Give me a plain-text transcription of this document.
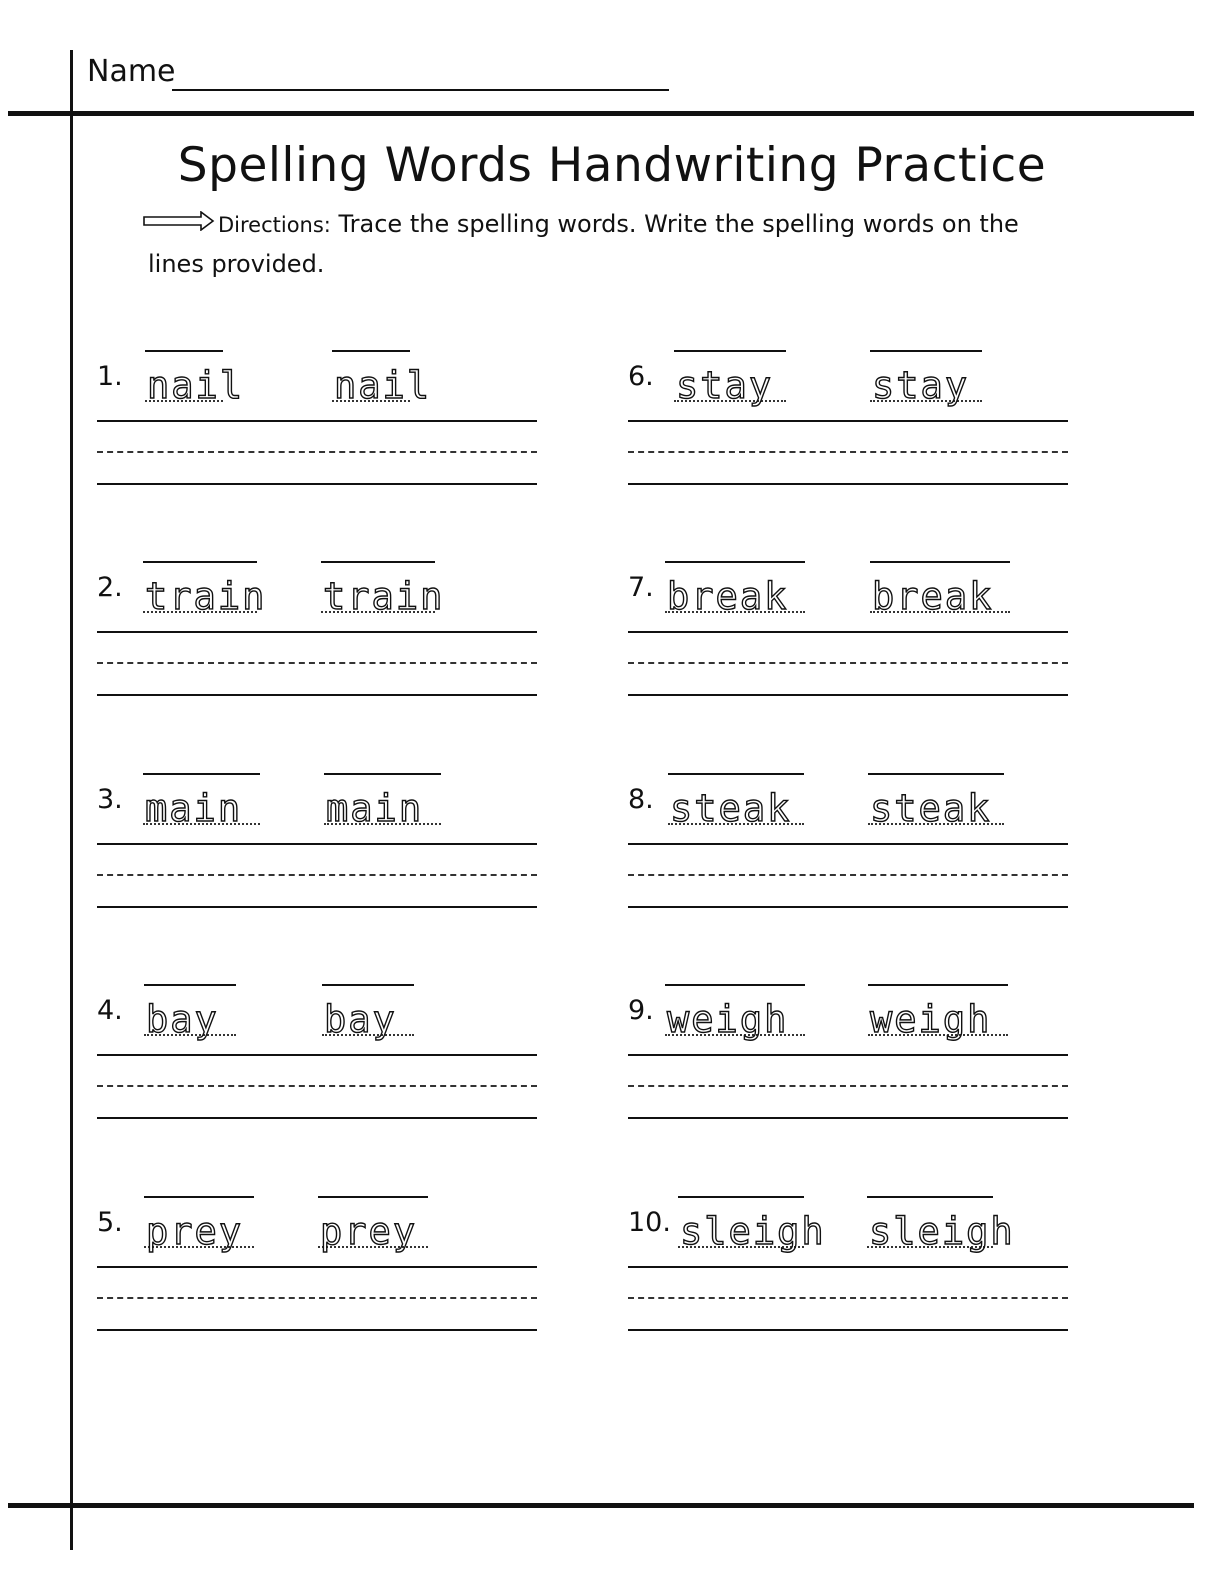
Name
Spelling Words Handwriting Practice
Directions: Trace the spelling words. Write the spelling words on the lines provided.
1. nail nail
2. train train
3. main main
4. bay	bay
5. prey prey
6. stay	stay
7. break break
8. steak steak
9. weigh weigh
10. sleigh sleigh
